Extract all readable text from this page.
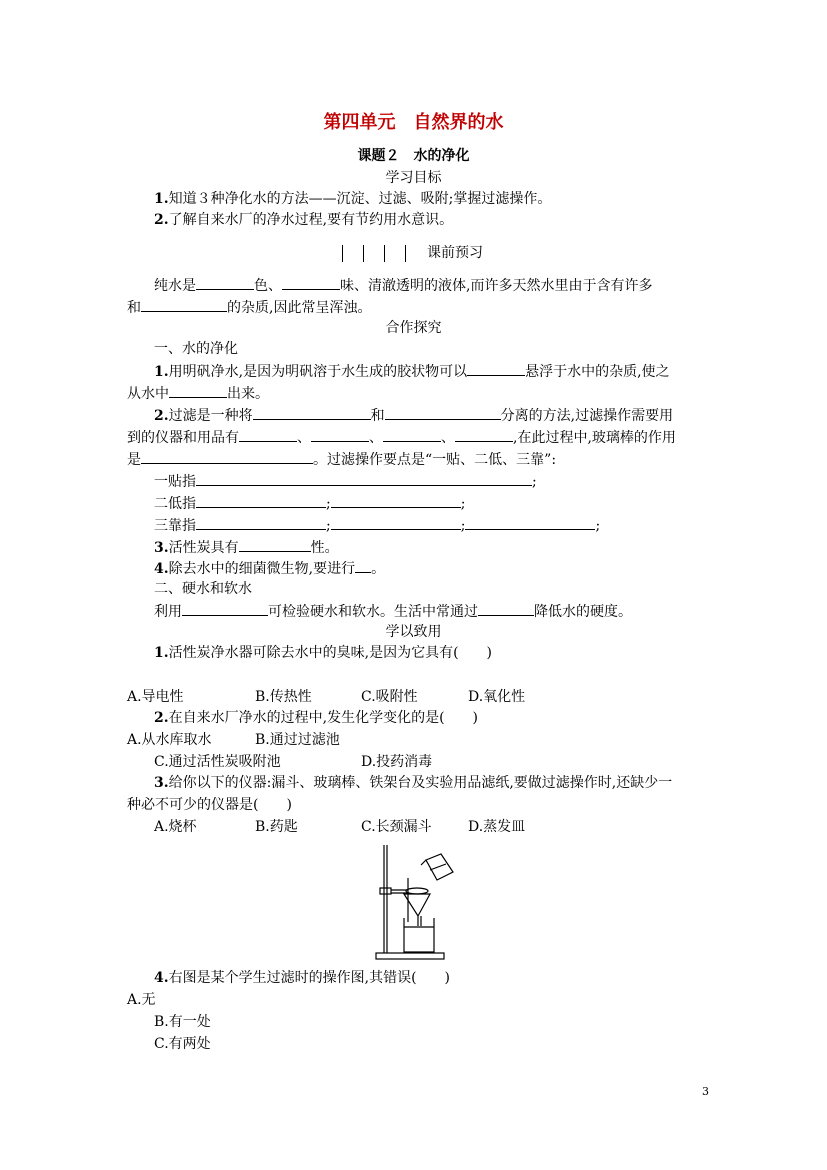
第四单元　自然界的水
课题２　水的净化
学习目标
1.知道３种净化水的方法——沉淀、过滤、吸附;掌握过滤操作。
2.了解自来水厂的净水过程,要有节约用水意识。
课前预习
纯水是	色、	味、清澈透明的液体,而许多天然水里由于含有许多
和	的杂质,因此常呈浑浊。
合作探究
一、水的净化
1.用明矾净水,是因为明矾溶于水生成的胶状物可以	悬浮于水中的杂质,使之
从水中	出来。
2.过滤是一种将	和	分离的方法,过滤操作需要用
到的仪器和用品有	、	、	、	,在此过程中,玻璃棒的作用
是	。过滤操作要点是“一贴、二低、三靠”:
一贴指	;
二低指	;	;
三靠指	;	;	;
3.活性炭具有	性。
4.除去水中的细菌微生物,要进行 。
二、硬水和软水
利用	可检验硬水和软水。生活中常通过	降低水的硬度。
学以致用
1.活性炭净水器可除去水中的臭味,是因为它具有(　　)
A.导电性	B.传热性	C.吸附性	D.氧化性
2.在自来水厂净水的过程中,发生化学变化的是(　　)
A.从水库取水	B.通过过滤池
C.通过活性炭吸附池	D.投药消毒
3.给你以下的仪器:漏斗、玻璃棒、铁架台及实验用品滤纸,要做过滤操作时,还缺少一
种必不可少的仪器是(　　)
A.烧杯	B.药匙	C.长颈漏斗	D.蒸发皿
4.右图是某个学生过滤时的操作图,其错误(　　)
A.无
B.有一处
C.有两处
3
